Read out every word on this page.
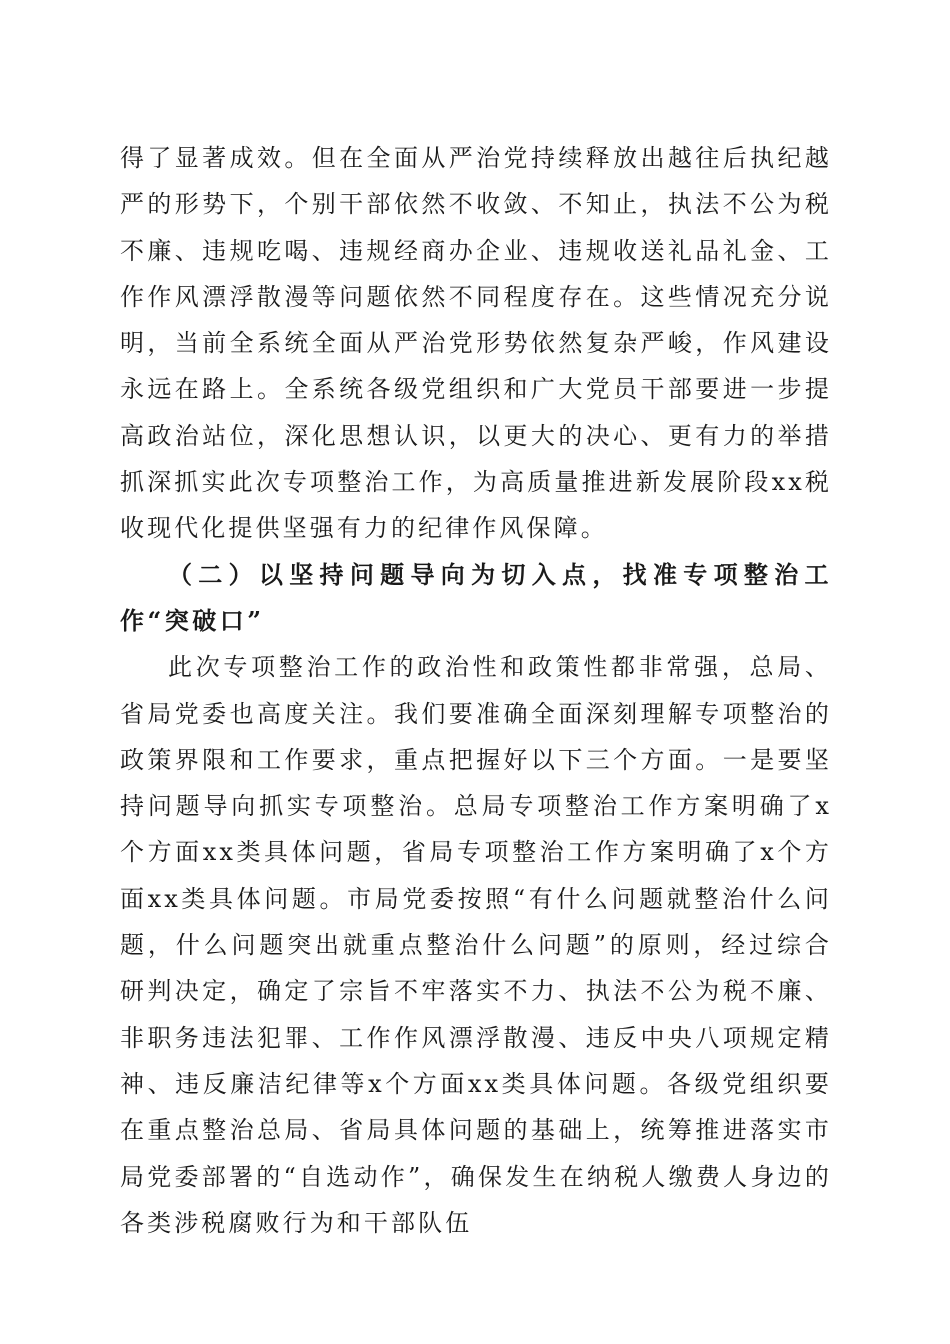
得了显著成效。但在全面从严治党持续释放出越往后执纪越严的形势下，个别干部依然不收敛、不知止，执法不公为税不廉、违规吃喝、违规经商办企业、违规收送礼品礼金、工作作风漂浮散漫等问题依然不同程度存在。这些情况充分说明，当前全系统全面从严治党形势依然复杂严峻，作风建设永远在路上。全系统各级党组织和广大党员干部要进一步提高政治站位，深化思想认识，以更大的决心、更有力的举措抓深抓实此次专项整治工作，为高质量推进新发展阶段xx税收现代化提供坚强有力的纪律作风保障。

（二）以坚持问题导向为切入点，找准专项整治工作“突破口”

此次专项整治工作的政治性和政策性都非常强，总局、省局党委也高度关注。我们要准确全面深刻理解专项整治的政策界限和工作要求，重点把握好以下三个方面。一是要坚持问题导向抓实专项整治。总局专项整治工作方案明确了x个方面xx类具体问题，省局专项整治工作方案明确了x个方面xx类具体问题。市局党委按照“有什么问题就整治什么问题，什么问题突出就重点整治什么问题”的原则，经过综合研判决定，确定了宗旨不牢落实不力、执法不公为税不廉、非职务违法犯罪、工作作风漂浮散漫、违反中央八项规定精神、违反廉洁纪律等x个方面xx类具体问题。各级党组织要在重点整治总局、省局具体问题的基础上，统筹推进落实市局党委部署的“自选动作”，确保发生在纳税人缴费人身边的各类涉税腐败行为和干部队伍
